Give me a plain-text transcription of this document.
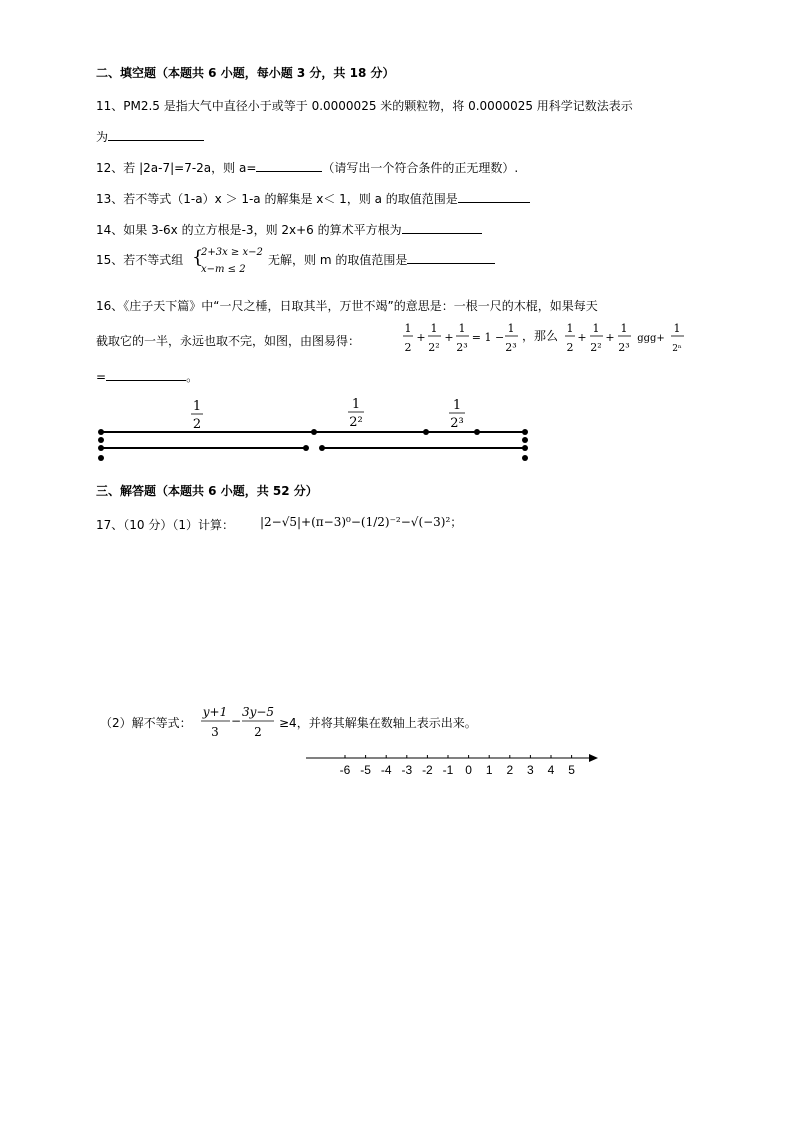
二、填空题（本题共 6 小题，每小题 3 分，共 18 分）
11、PM2.5 是指大气中直径小于或等于 0.0000025 米的颗粒物，将 0.0000025 用科学记数法表示
为
12、若 |2a-7|=7-2a，则 a=	（请写出一个符合条件的正无理数）.
13、若不等式（1-a）x ＞ 1-a 的解集是 x＜ 1，则 a 的取值范围是
14、如果 3-6x 的立方根是-3，则 2x+6 的算术平方根为
15、若不等式组 {
2+3x ≥ x−2
x−m ≤ 2
无解，则 m 的取值范围是
16、《庄子天下篇》中“一尺之棰，日取其半，万世不竭”的意思是：一根一尺的木棍，如果每天
截取它的一半，永远也取不完，如图，由图易得：
1
2
+
1
2²
+
1
2³
= 1 −
1
2³
，那么
1
2
+
1
2²
+
1
2³
ggg+
1
2ⁿ
=	。
1
2
1
2²
1
2³
三、解答题（本题共 6 小题，共 52 分）
17、（10 分）（1）计算： |2−√5|+(π−3)⁰−(1/2)⁻²−√(−3)²；
（2）解不等式：
y+1
3
−
3y−5
2
≥4，并将其解集在数轴上表示出来。
-6 -5 -4 -3 -2 -1 0 1 2 3 4 5
